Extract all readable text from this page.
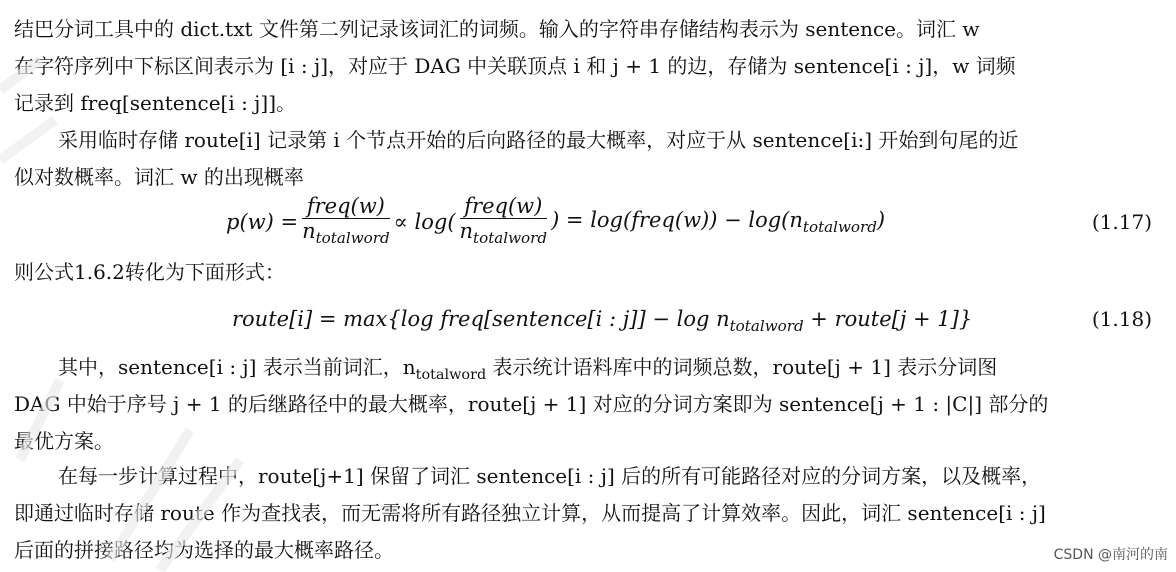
结巴分词工具中的 dict.txt 文件第二列记录该词汇的词频。输入的字符串存储结构表示为 sentence。词汇 w
在字符序列中下标区间表示为 [i : j]，对应于 DAG 中关联顶点 i 和 j + 1 的边，存储为 sentence[i : j]，w 词频
记录到 freq[sentence[i : j]]。
采用临时存储 route[i] 记录第 i 个节点开始的后向路径的最大概率，对应于从 sentence[i:] 开始到句尾的近
似对数概率。词汇 w 的出现概率
$p(w) = \frac{\text{freq(w)}}{n_{totalword}} \propto \log( \frac{\text{freq(w)}}{n_{totalword}}$ ) = log(freq(w)) − $\log(n_{totalword})$	(1.17)
则公式1.6.2转化为下面形式：
route[i] = max{log freq[sentence[i : $j]] - \log n_{totalword}$ + route[j + 1]}	(1.18)
其中，sentence[i : j] 表示当前词汇，$n_{totalword}$ 表示统计语料库中的词频总数，route[j + 1] 表示分词图
DAG 中始于序号 j + 1 的后继路径中的最大概率，route[j + 1] 对应的分词方案即为 sentence[j + 1 : |C|] 部分的
最优方案。
在每一步计算过程中，route[j+1] 保留了词汇 sentence[i : j] 后的所有可能路径对应的分词方案，以及概率，
即通过临时存储 route 作为查找表，而无需将所有路径独立计算，从而提高了计算效率。因此，词汇 sentence[i : j]
后面的拼接路径均为选择的最大概率路径。	CSDN @南河的南
